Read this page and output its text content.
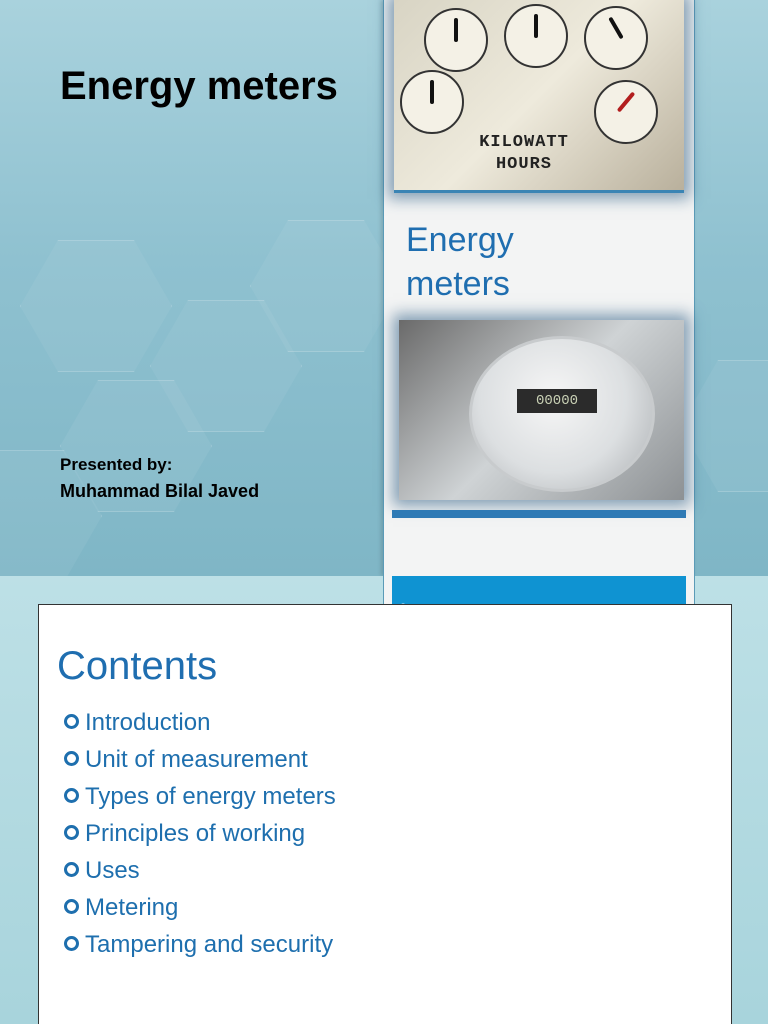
Energy meters
Presented by:
Muhammad Bilal Javed
KILOWATT HOURS
Energy meters
00000
Contents
Introduction
Unit of measurement
Types of energy meters
Principles of working
Uses
Metering
Tampering and security
